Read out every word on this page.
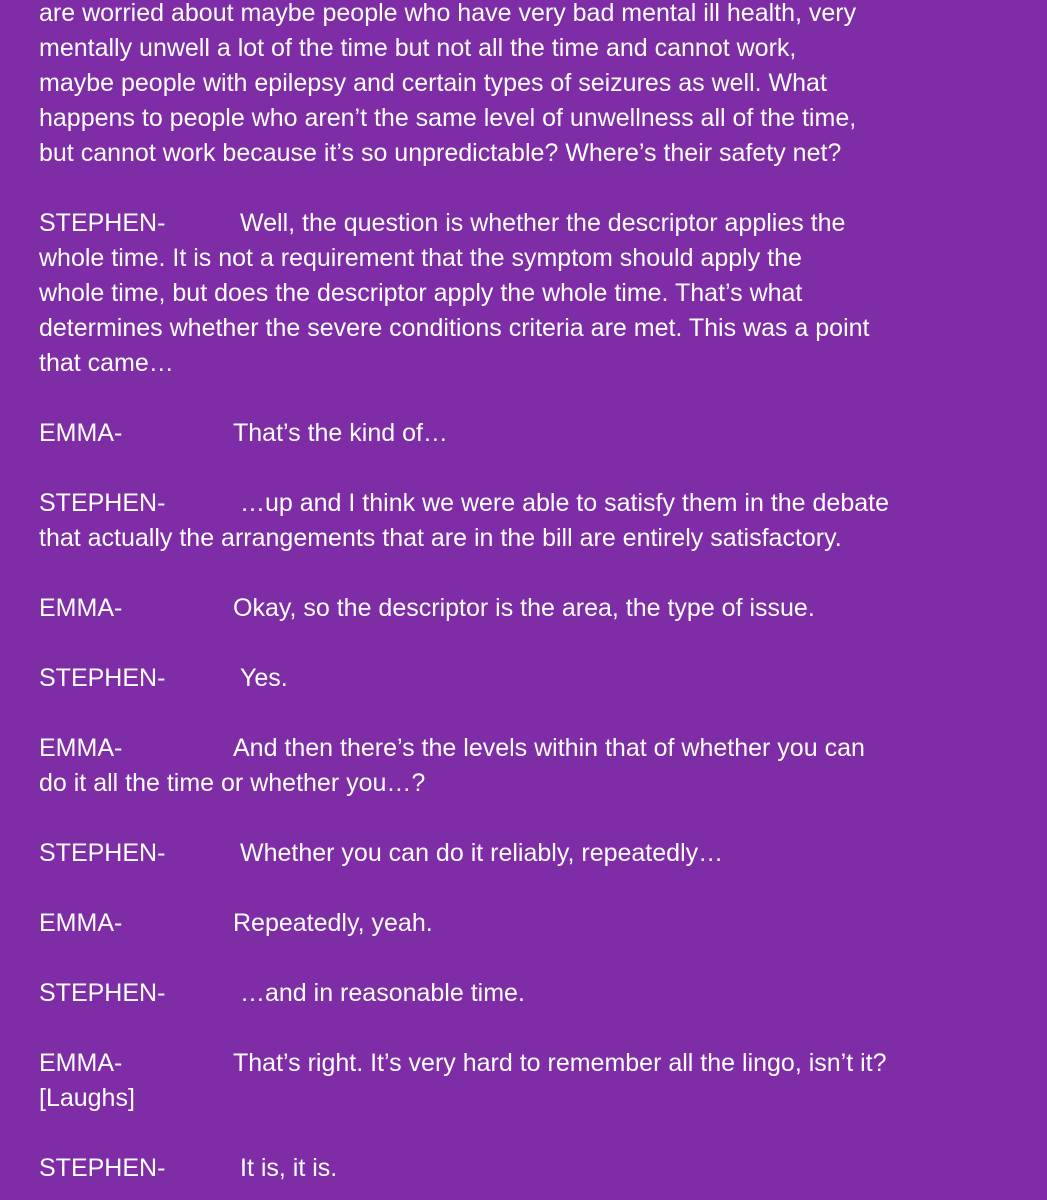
are worried about maybe people who have very bad mental ill health, very
mentally unwell a lot of the time but not all the time and cannot work,
maybe people with epilepsy and certain types of seizures as well. What
happens to people who aren’t the same level of unwellness all of the time,
but cannot work because it’s so unpredictable? Where’s their safety net?
STEPHEN-	Well, the question is whether the descriptor applies the
whole time. It is not a requirement that the symptom should apply the
whole time, but does the descriptor apply the whole time. That’s what
determines whether the severe conditions criteria are met. This was a point
that came…
EMMA-	That’s the kind of…
STEPHEN-	…up and I think we were able to satisfy them in the debate
that actually the arrangements that are in the bill are entirely satisfactory.
EMMA-	Okay, so the descriptor is the area, the type of issue.
STEPHEN-	Yes.
EMMA-	And then there’s the levels within that of whether you can
do it all the time or whether you…?
STEPHEN-	Whether you can do it reliably, repeatedly…
EMMA-	Repeatedly, yeah.
STEPHEN-	…and in reasonable time.
EMMA-	That’s right. It’s very hard to remember all the lingo, isn’t it?
[Laughs]
STEPHEN-	It is, it is.
